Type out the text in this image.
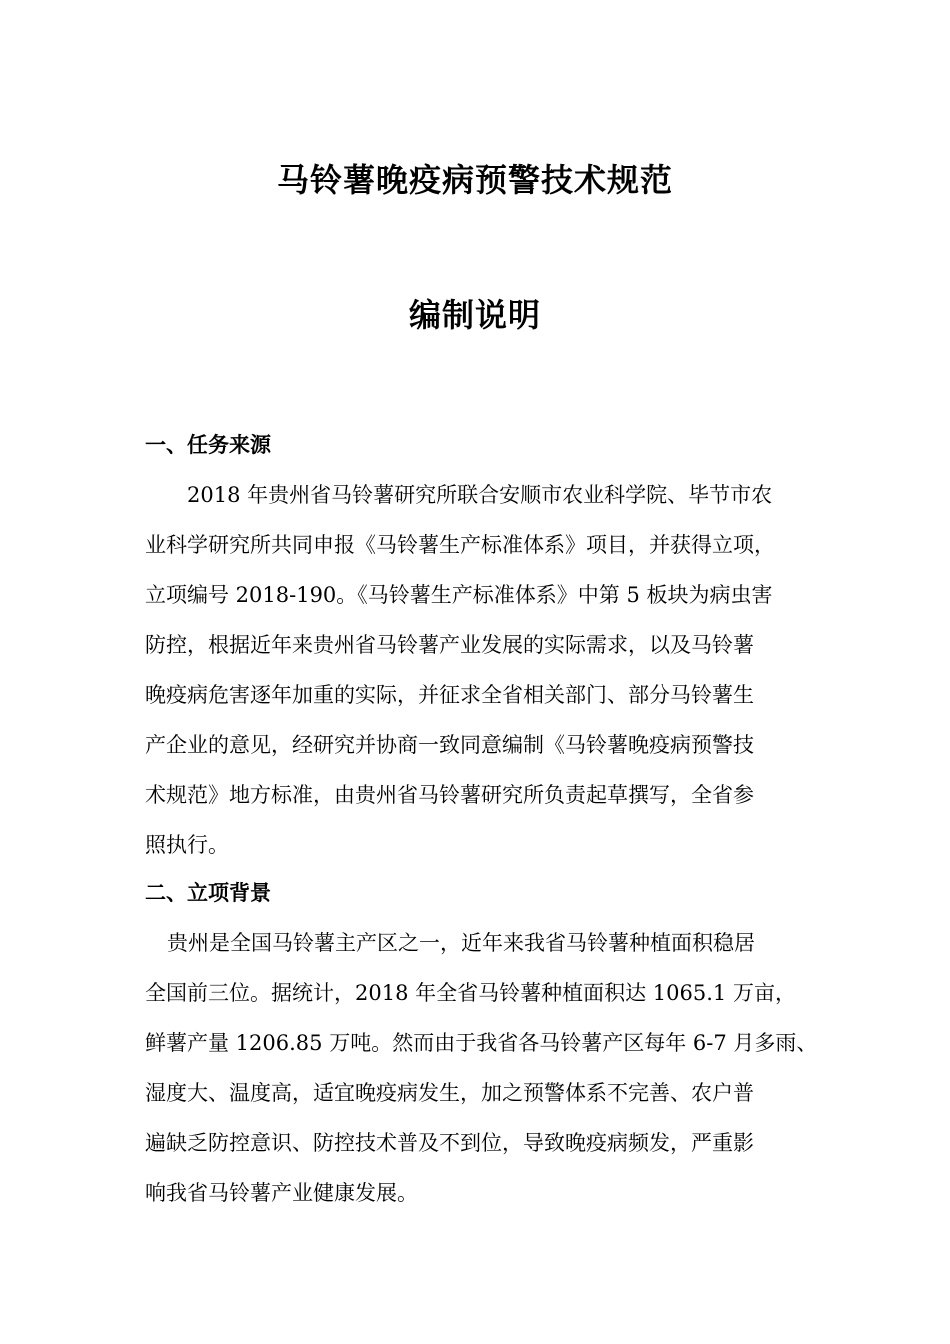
马铃薯晚疫病预警技术规范
编制说明
一、任务来源
2018 年贵州省马铃薯研究所联合安顺市农业科学院、毕节市农
业科学研究所共同申报《马铃薯生产标准体系》项目，并获得立项，
立项编号 2018-190。《马铃薯生产标准体系》中第 5 板块为病虫害
防控，根据近年来贵州省马铃薯产业发展的实际需求，以及马铃薯
晚疫病危害逐年加重的实际，并征求全省相关部门、部分马铃薯生
产企业的意见，经研究并协商一致同意编制《马铃薯晚疫病预警技
术规范》地方标准，由贵州省马铃薯研究所负责起草撰写，全省参
照执行。
二、立项背景
贵州是全国马铃薯主产区之一，近年来我省马铃薯种植面积稳居
全国前三位。据统计，2018 年全省马铃薯种植面积达 1065.1 万亩，
鲜薯产量 1206.85 万吨。然而由于我省各马铃薯产区每年 6-7 月多雨、
湿度大、温度高，适宜晚疫病发生，加之预警体系不完善、农户普
遍缺乏防控意识、防控技术普及不到位，导致晚疫病频发，严重影
响我省马铃薯产业健康发展。
